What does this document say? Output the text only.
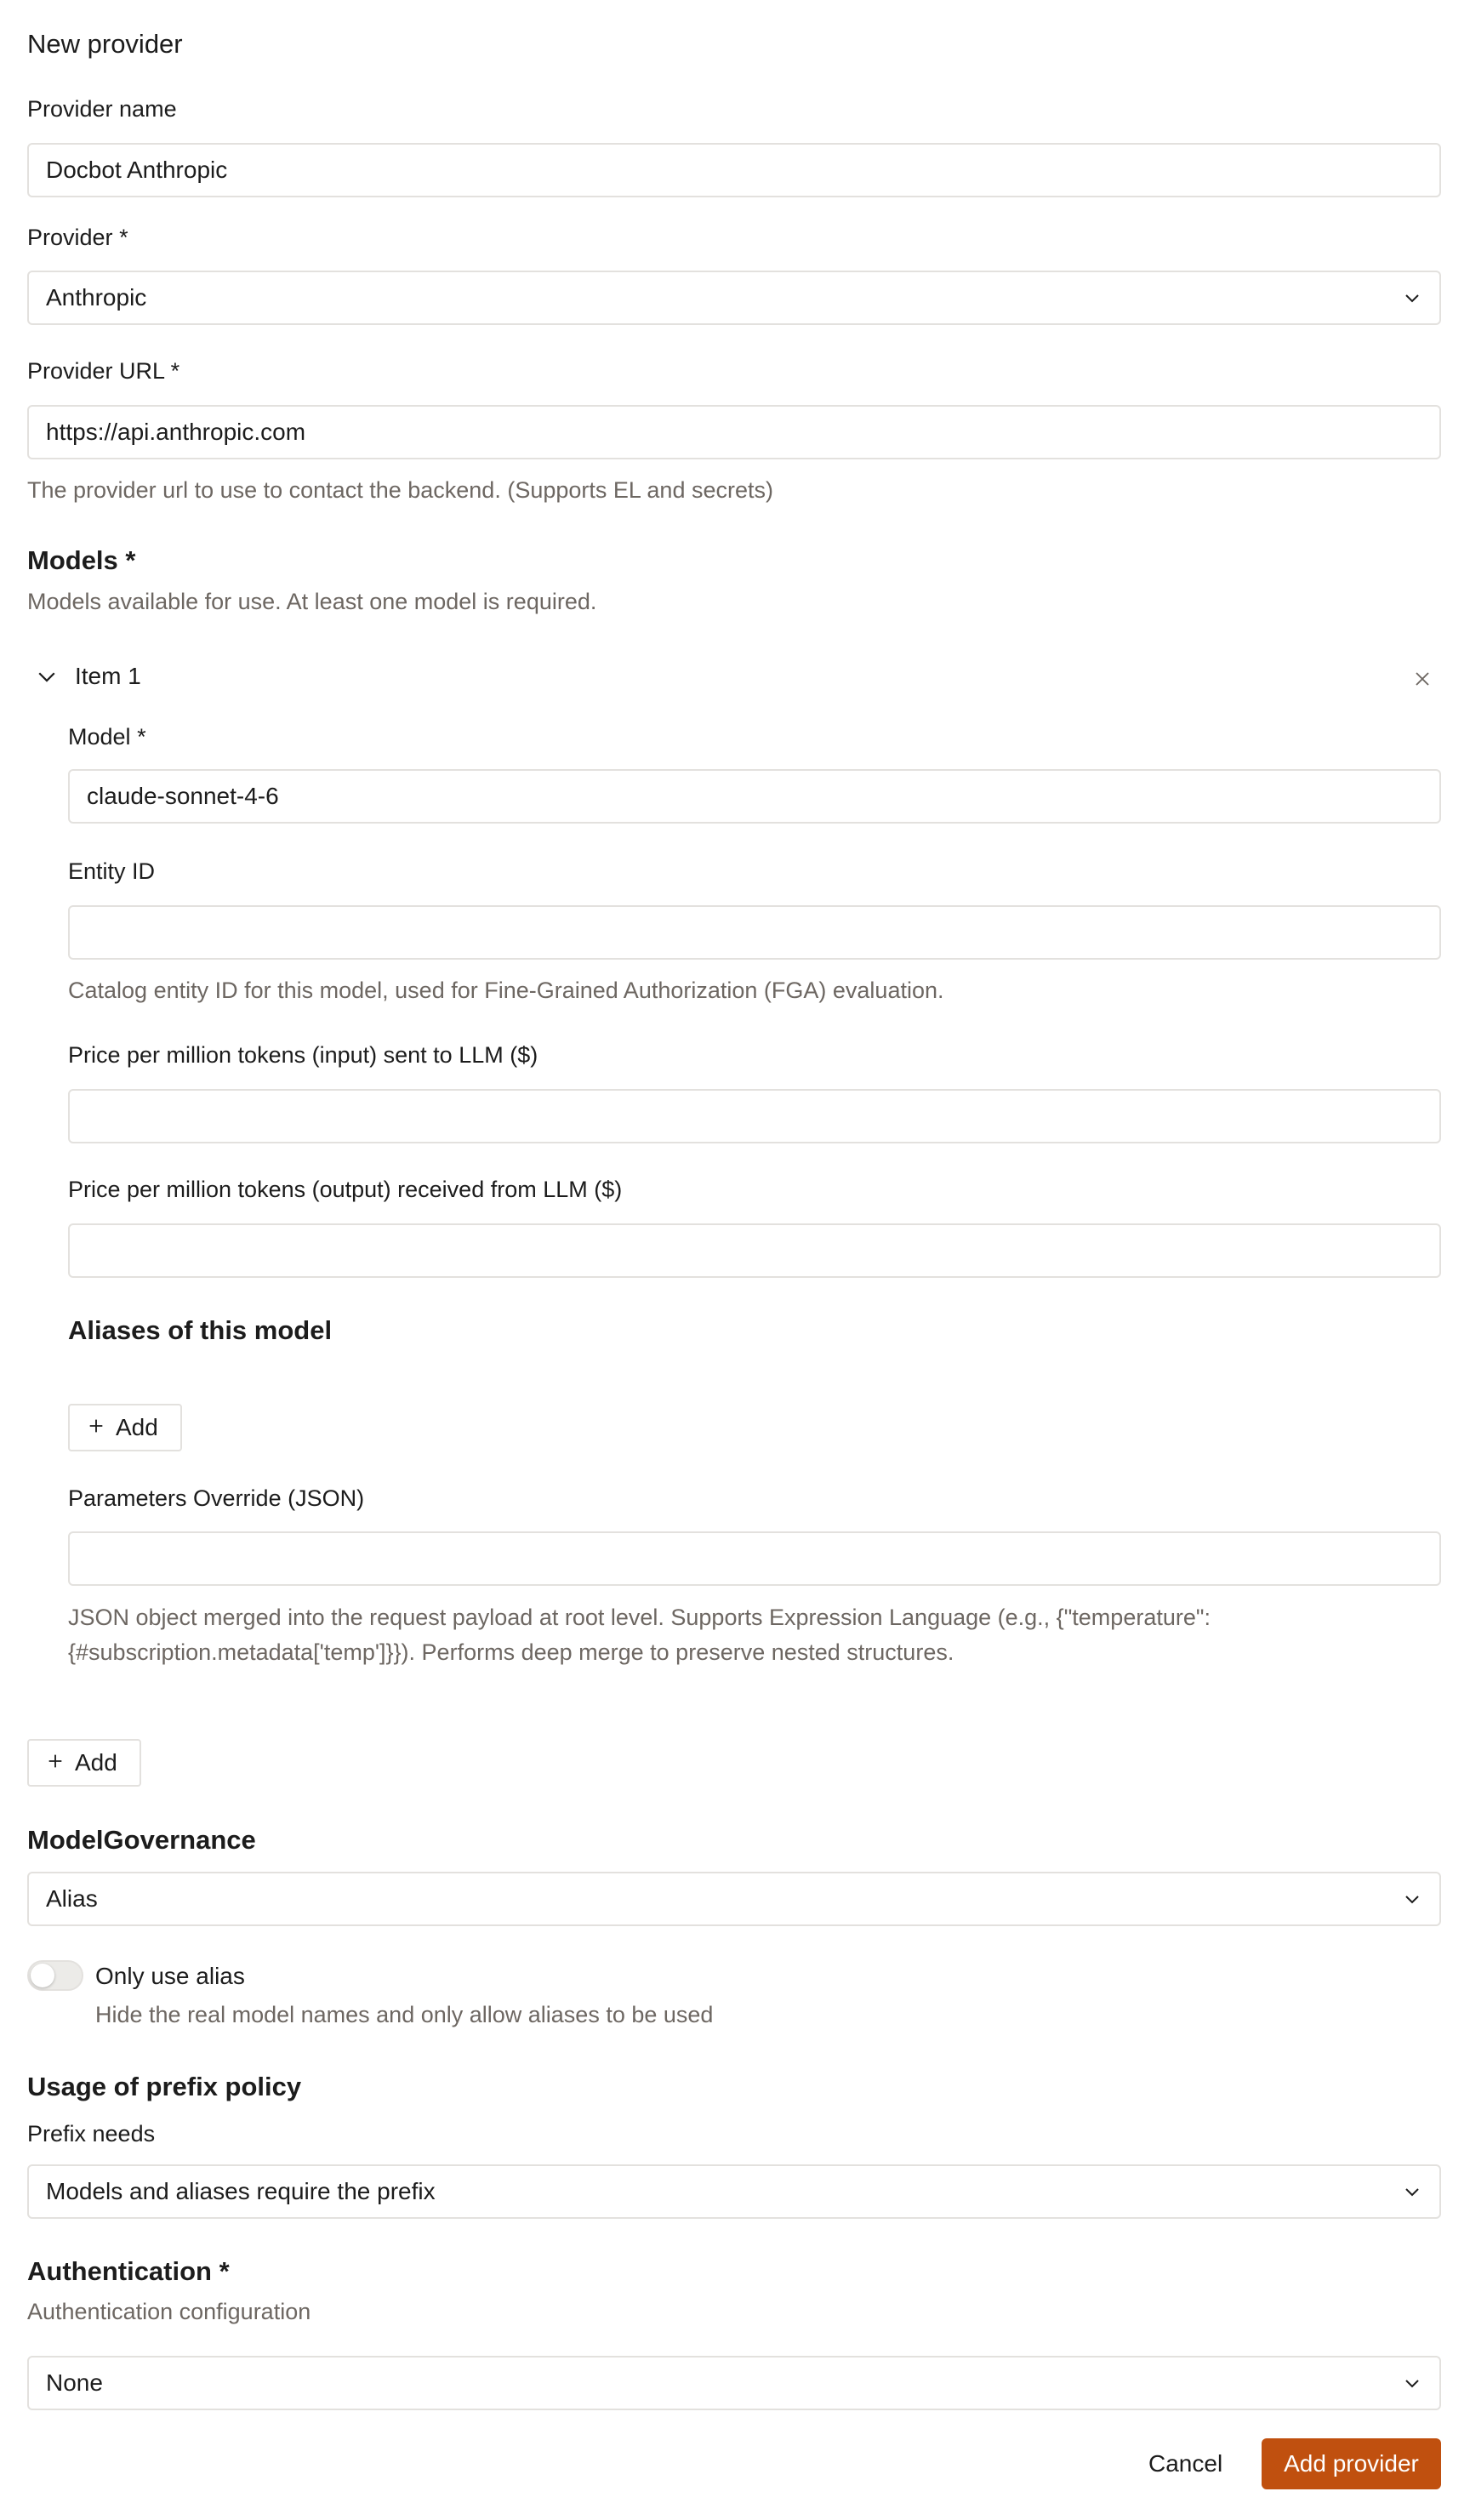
New provider
Provider name
Docbot Anthropic
Provider *
Anthropic
Provider URL *
https://api.anthropic.com
The provider url to use to contact the backend. (Supports EL and secrets)
Models *
Models available for use. At least one model is required.
Item 1
Model *
claude-sonnet-4-6
Entity ID
Catalog entity ID for this model, used for Fine-Grained Authorization (FGA) evaluation.
Price per million tokens (input) sent to LLM ($)
Price per million tokens (output) received from LLM ($)
Aliases of this model
Add
Parameters Override (JSON)
JSON object merged into the request payload at root level. Supports Expression Language (e.g., {"temperature":
{#subscription.metadata['temp']}}). Performs deep merge to preserve nested structures.
Add
ModelGovernance
Alias
Only use alias
Hide the real model names and only allow aliases to be used
Usage of prefix policy
Prefix needs
Models and aliases require the prefix
Authentication *
Authentication configuration
None
Cancel	Add provider
